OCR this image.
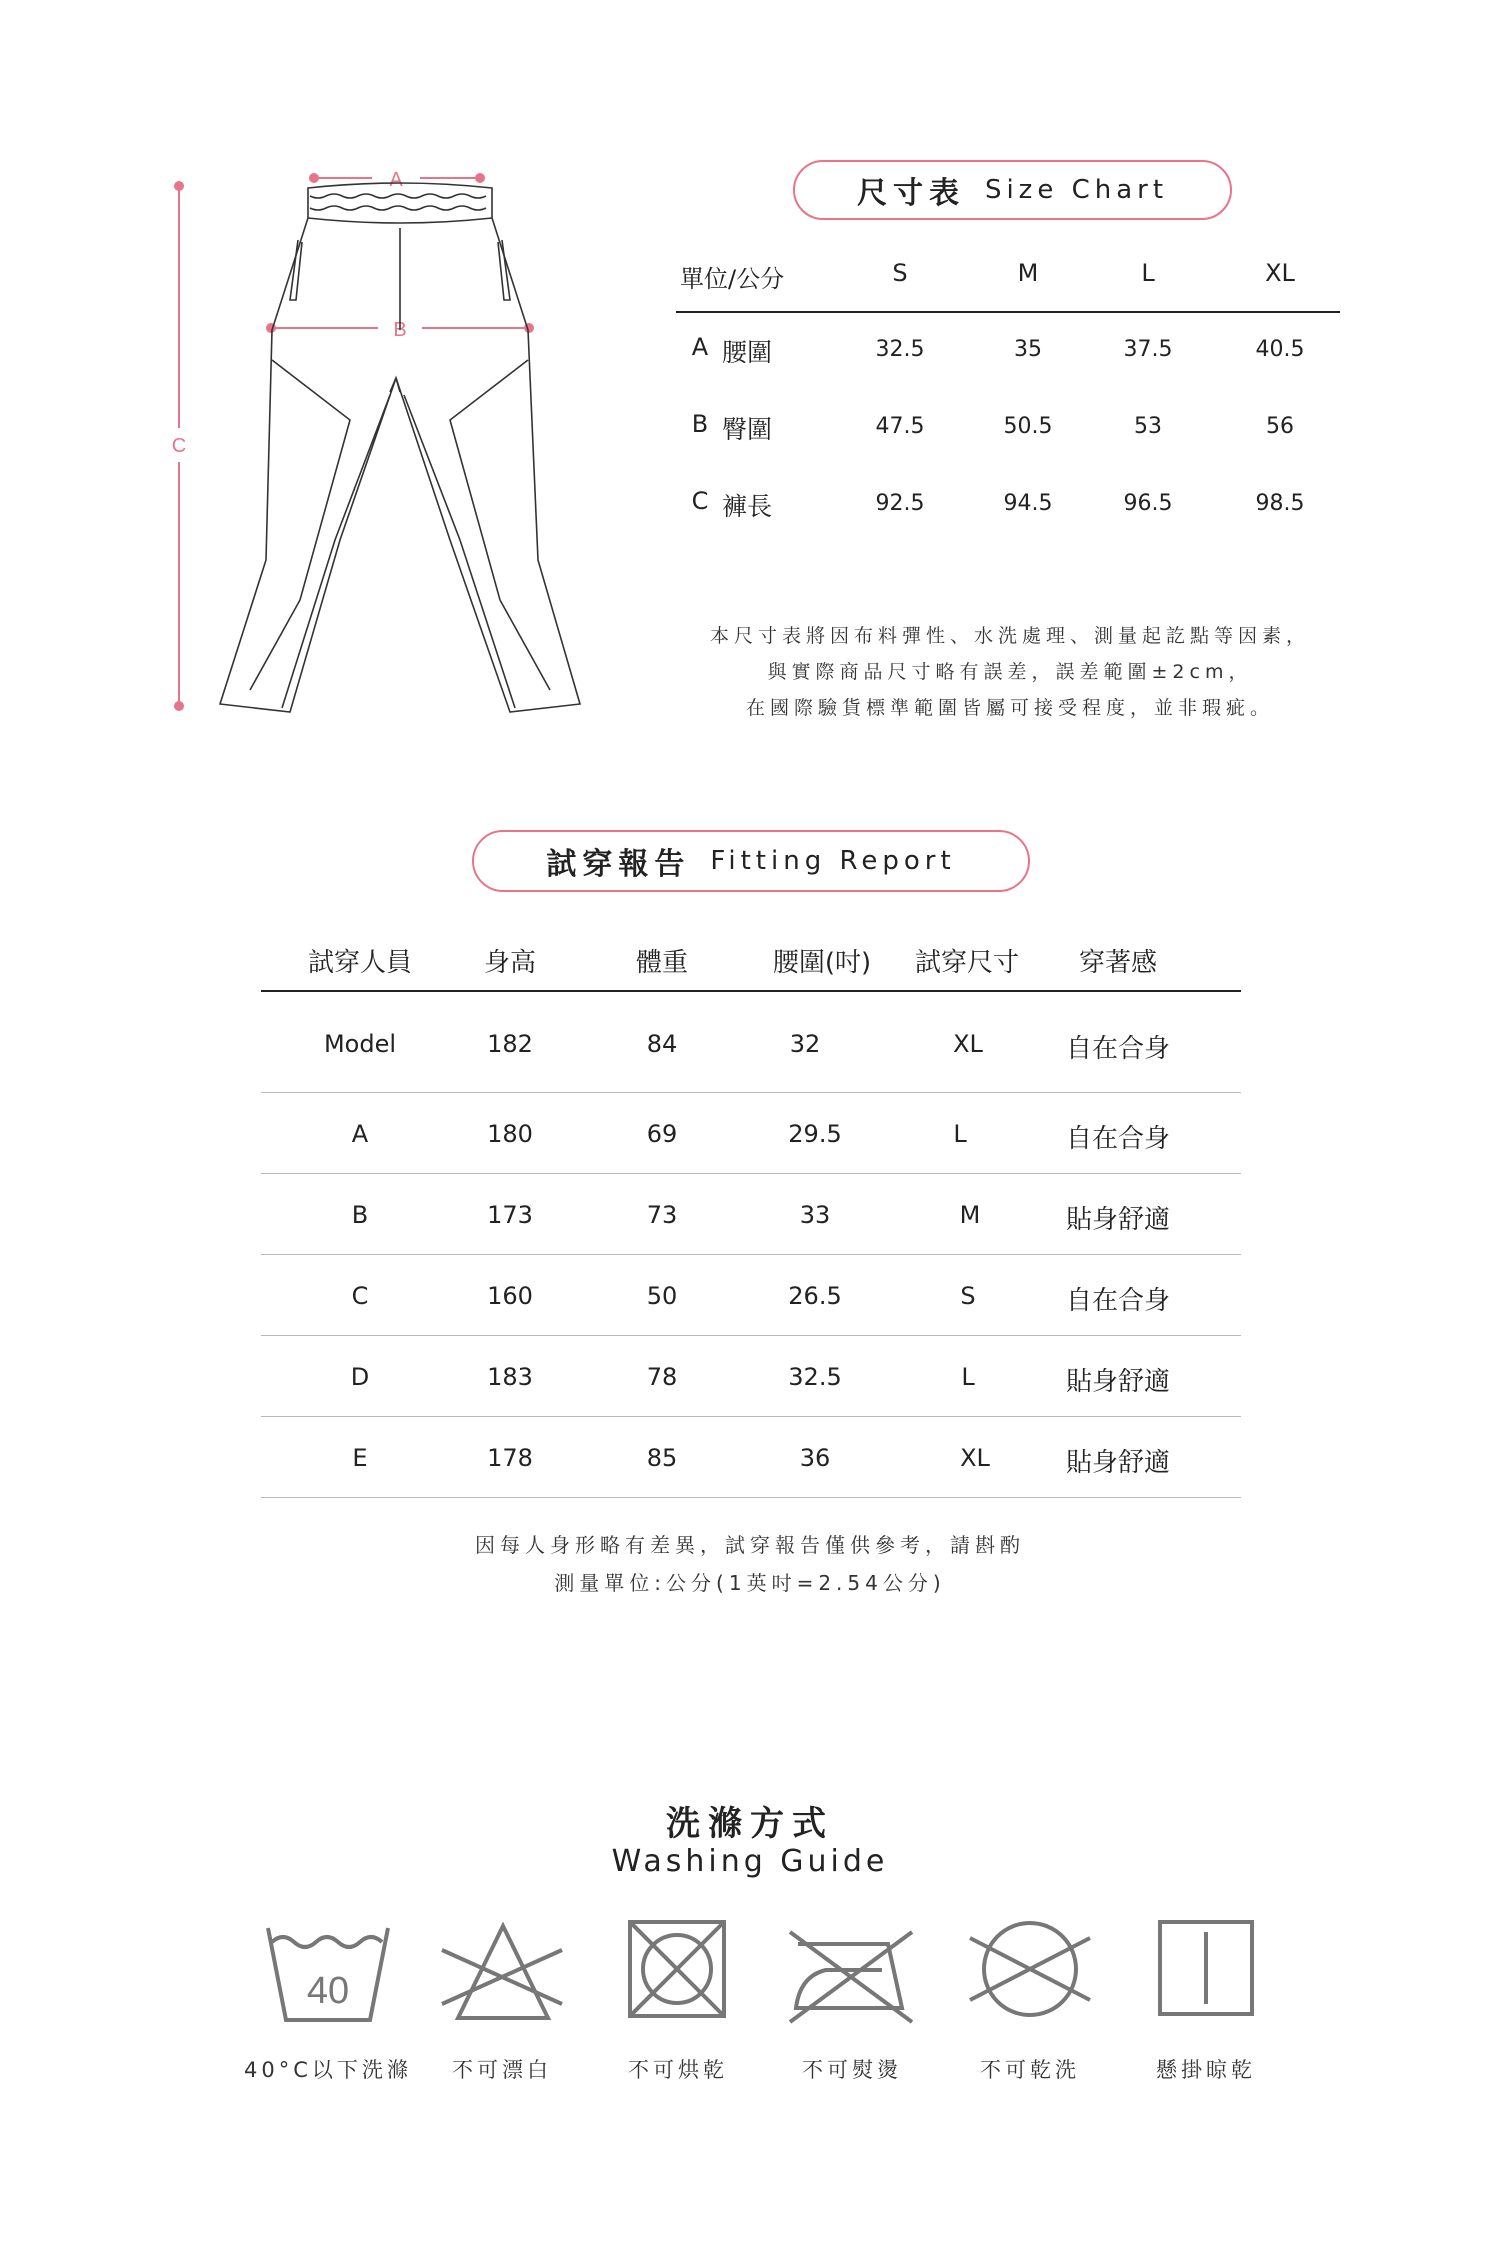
A
B
C
尺寸表 Size Chart
單位/公分	S	M	L	XL
A 腰圍	32.5	35	37.5	40.5
B 臀圍	47.5	50.5	53	56
C 褲長	92.5	94.5	96.5	98.5
本尺寸表將因布料彈性、水洗處理、測量起訖點等因素，
與實際商品尺寸略有誤差，誤差範圍±2cm，
在國際驗貨標準範圍皆屬可接受程度，並非瑕疵。
試穿報告 Fitting Report
試穿人員	身高	體重	腰圍(吋)	試穿尺寸	穿著感
Model	182	84	32	XL	自在合身
A	180	69	29.5	L	自在合身
B	173	73	33	M	貼身舒適
C	160	50	26.5	S	自在合身
D	183	78	32.5	L	貼身舒適
E	178	85	36	XL	貼身舒適
因每人身形略有差異，試穿報告僅供參考，請斟酌
測量單位:公分(1英吋=2.54公分)
洗滌方式
Washing Guide
40
40°C以下洗滌	不可漂白	不可烘乾	不可熨燙	不可乾洗	懸掛晾乾
